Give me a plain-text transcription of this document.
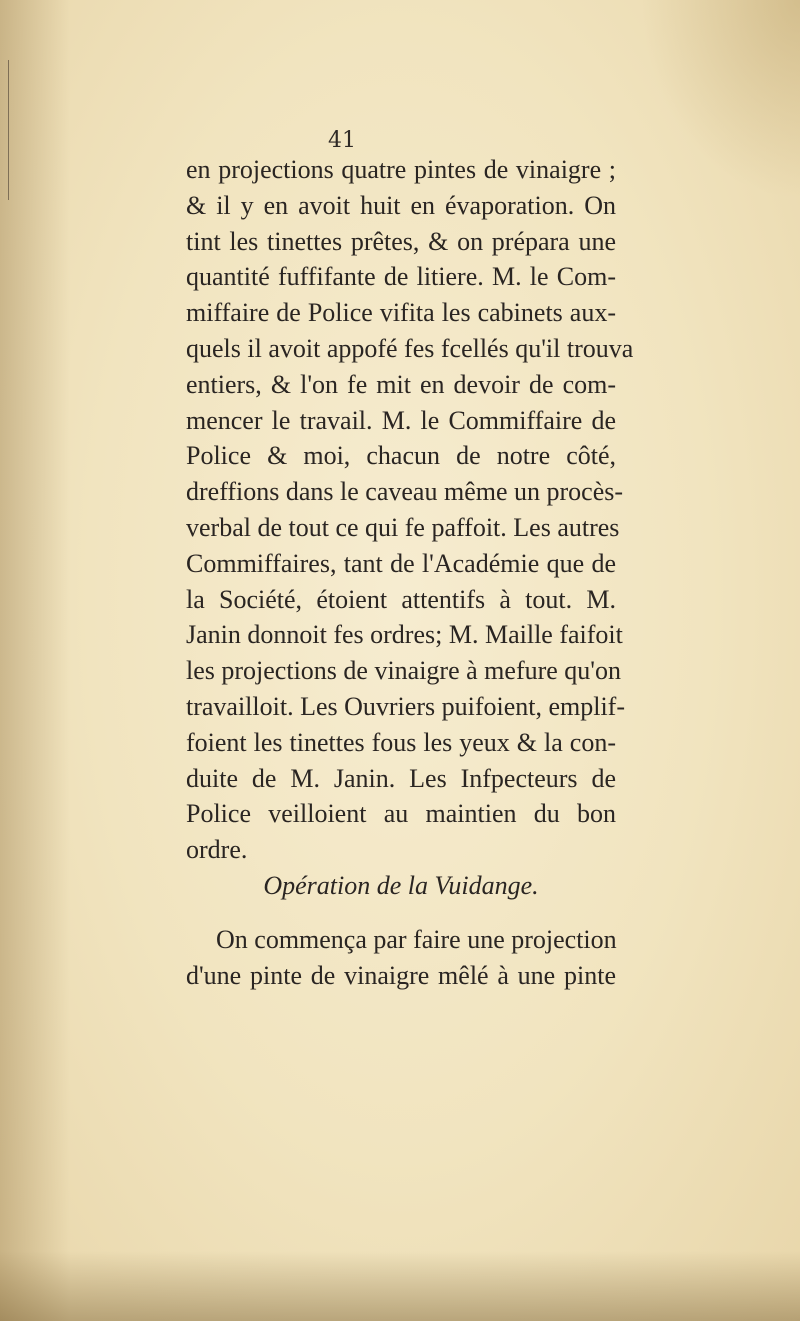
41

en projections quatre pintes de vinaigre ;
& il y en avoit huit en évaporation. On
tint les tinettes prêtes, & on prépara une
quantité fuffifante de litiere. M. le Com-
miffaire de Police vifita les cabinets aux-
quels il avoit appofé fes fcellés qu'il trouva
entiers, & l'on fe mit en devoir de com-
mencer le travail. M. le Commiffaire de
Police & moi, chacun de notre côté,
dreffions dans le caveau même un procès-
verbal de tout ce qui fe paffoit. Les autres
Commiffaires, tant de l'Académie que de
la Société, étoient attentifs à tout. M.
Janin donnoit fes ordres; M. Maille faifoit
les projections de vinaigre à mefure qu'on
travailloit. Les Ouvriers puifoient, emplif-
foient les tinettes fous les yeux & la con-
duite de M. Janin. Les Infpecteurs de
Police veilloient au maintien du bon
ordre.
Opération de la Vuidange.
On commença par faire une projection
d'une pinte de vinaigre mêlé à une pinte
